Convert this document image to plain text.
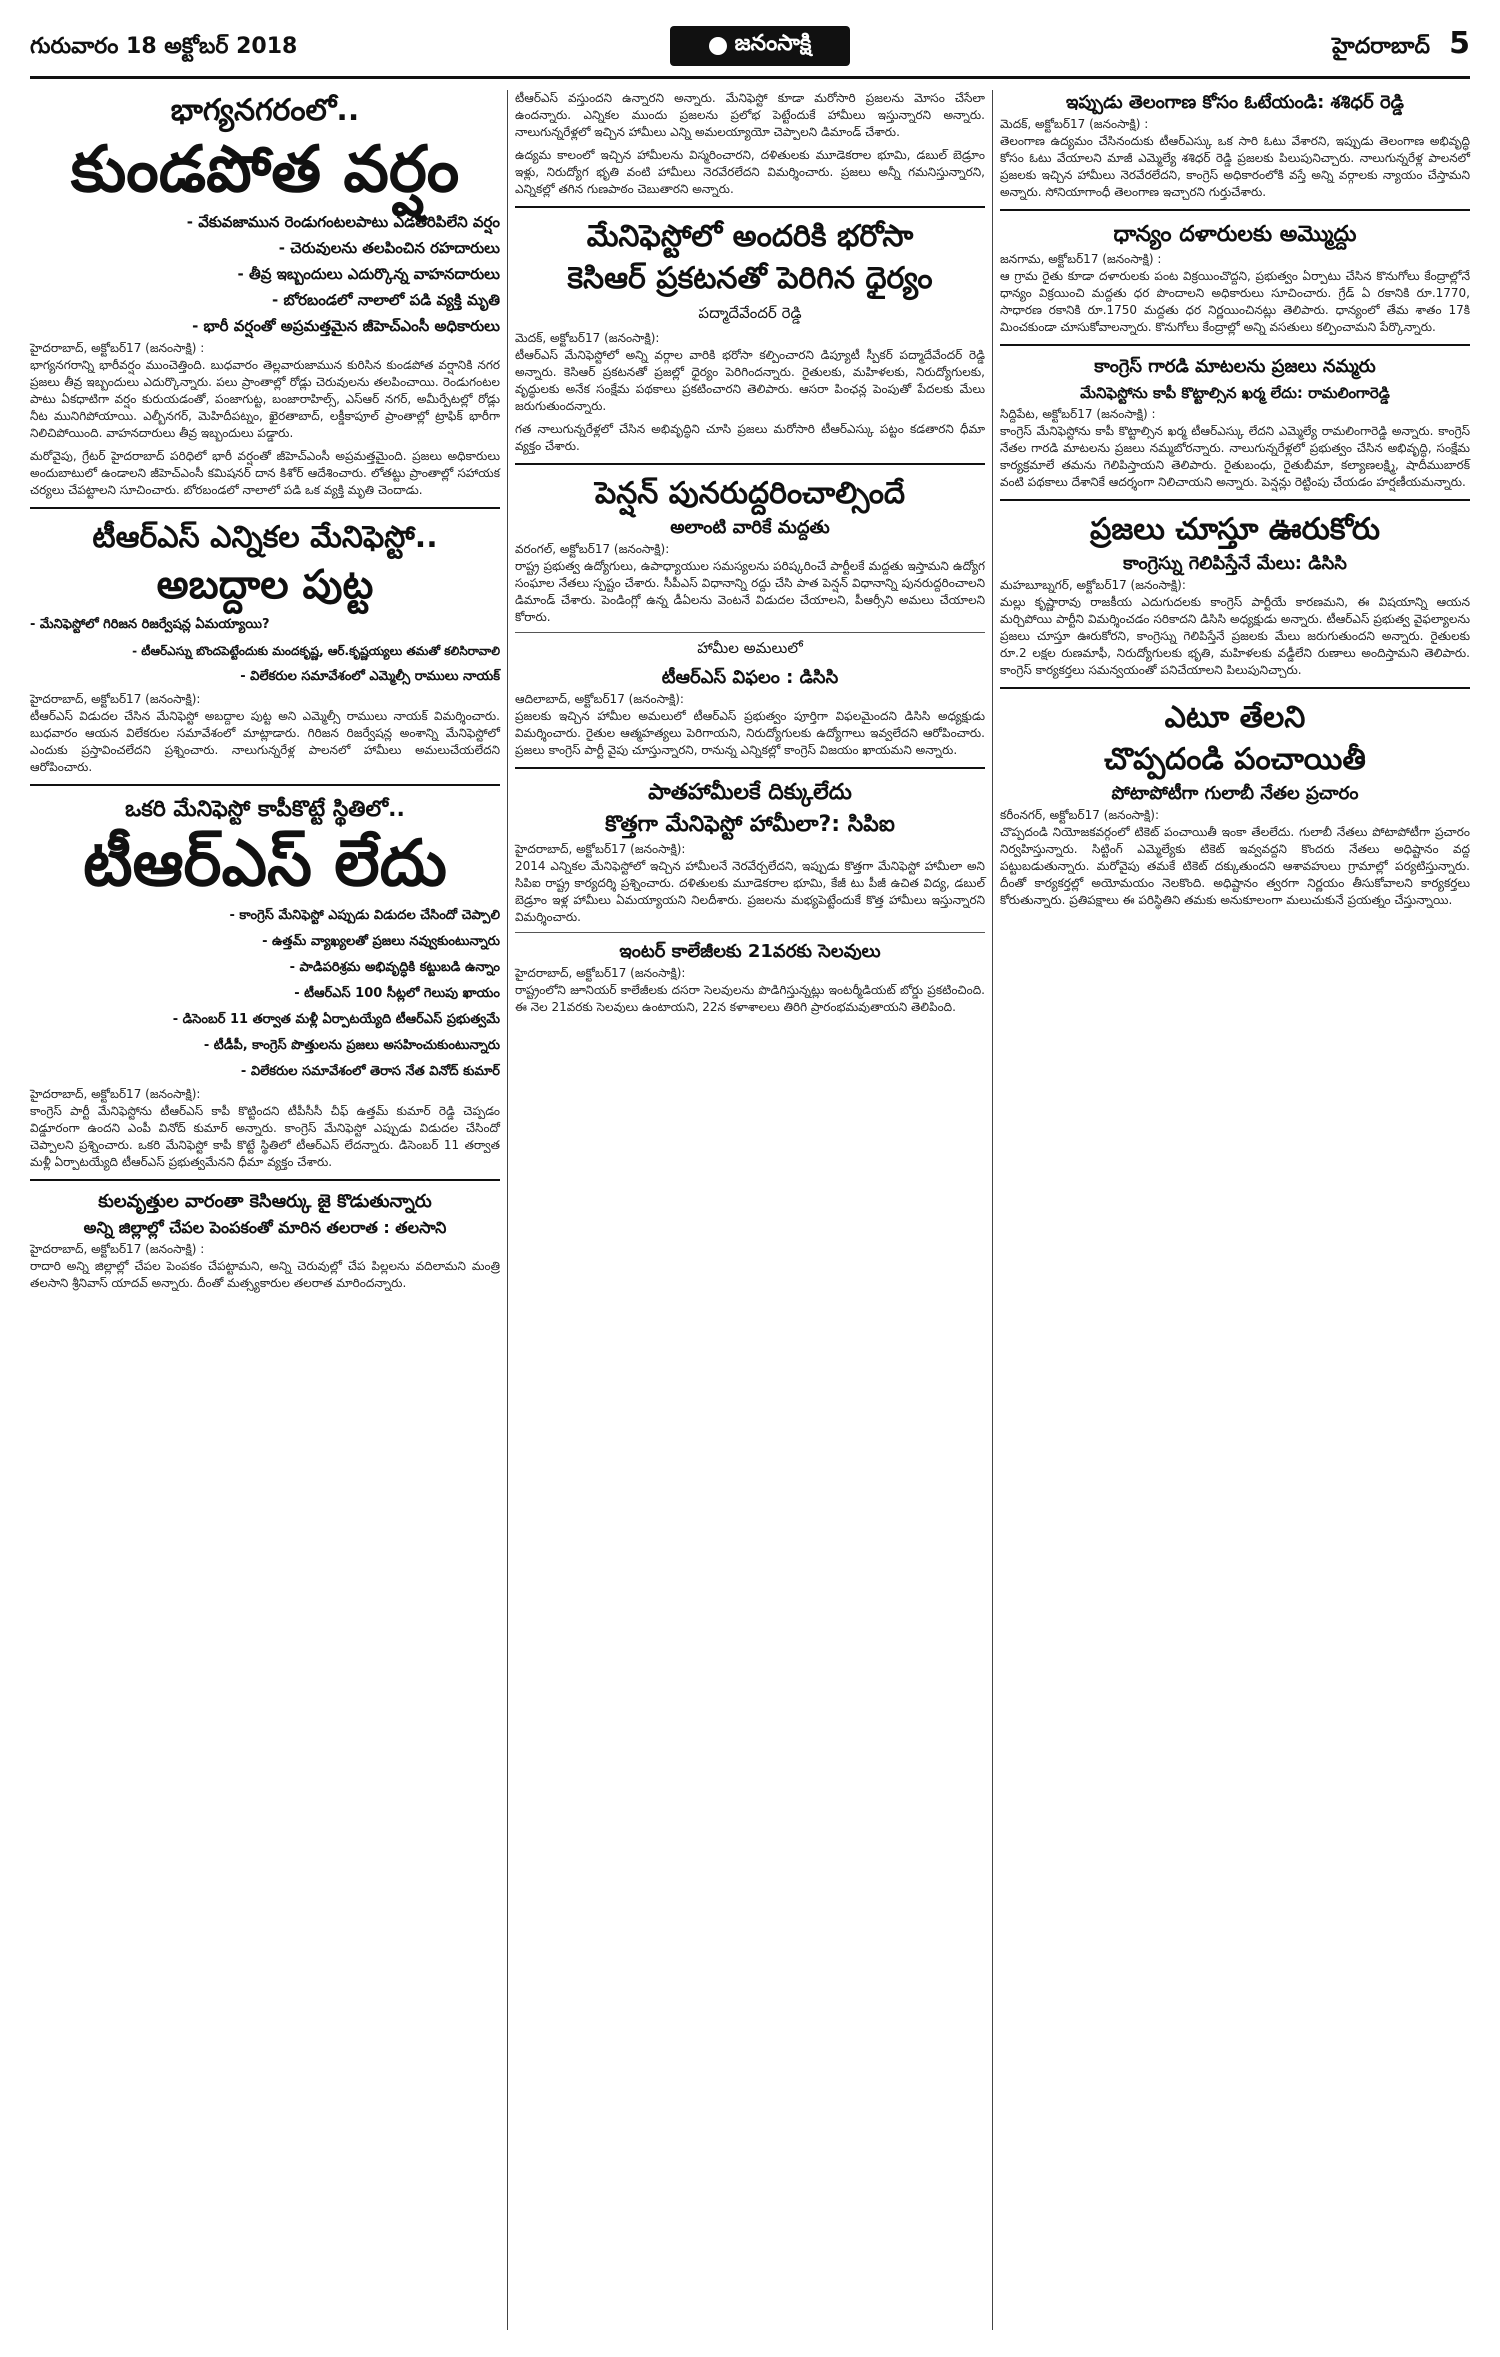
గురువారం 18 అక్టోబర్ 2018	జనంసాక్షి	హైదరాబాద్ 5
భాగ్యనగరంలో..
కుండపోత వర్షం
- వేకువజామున రెండుగంటలపాటు ఎడతెరిపిలేని వర్షం
- చెరువులను తలపించిన రహదారులు
- తీవ్ర ఇబ్బందులు ఎదుర్కొన్న వాహనదారులు
- బోరబండలో నాలాలో పడి వ్యక్తి మృతి
- భారీ వర్షంతో అప్రమత్తమైన జీహెచ్ఎంసీ అధికారులు
హైదరాబాద్, అక్టోబర్17 (జనంసాక్షి) :

భాగ్యనగరాన్ని భారీవర్షం ముంచెత్తింది. బుధవారం తెల్లవారుజామున కురిసిన కుండపోత వర్షానికి నగర ప్రజలు తీవ్ర ఇబ్బందులు ఎదుర్కొన్నారు. పలు ప్రాంతాల్లో రోడ్లు చెరువులను తలపించాయి. రెండుగంటల పాటు ఏకధాటిగా వర్షం కురుయడంతో, పంజాగుట్ట, బంజారాహిల్స్, ఎస్ఆర్ నగర్, అమీర్పేటల్లో రోడ్లు నీట మునిగిపోయాయి. ఎల్బీనగర్, మెహిదీపట్నం, ఖైరతాబాద్, లక్డీకాపూల్ ప్రాంతాల్లో ట్రాఫిక్ భారీగా నిలిచిపోయింది. వాహనదారులు తీవ్ర ఇబ్బందులు పడ్డారు.

మరోవైపు, గ్రేటర్ హైదరాబాద్ పరిధిలో భారీ వర్షంతో జీహెచ్ఎంసీ అప్రమత్తమైంది. ప్రజలు అధికారులు అందుబాటులో ఉండాలని జీహెచ్ఎంసీ కమిషనర్ దాన కిశోర్ ఆదేశించారు. లోతట్టు ప్రాంతాల్లో సహాయక చర్యలు చేపట్టాలని సూచించారు. బోరబండలో నాలాలో పడి ఒక వ్యక్తి మృతి చెందాడు.

టీఆర్ఎస్ ఎన్నికల మేనిఫెస్టో..
అబద్దాల పుట్ట
- మేనిఫెస్టోలో గిరిజన రిజర్వేషన్ల ఏమయ్యాయి?
- టీఆర్ఎస్ను బొందపెట్టేందుకు మందకృష్ణ, ఆర్.కృష్ణయ్యలు తమతో కలిసిరావాలి
- విలేకరుల సమావేశంలో ఎమ్మెల్సీ రాములు నాయక్
హైదరాబాద్, అక్టోబర్17 (జనంసాక్షి):

టీఆర్ఎస్ విడుదల చేసిన మేనిఫెస్టో అబద్దాల పుట్ట అని ఎమ్మెల్సీ రాములు నాయక్ విమర్శించారు. బుధవారం ఆయన విలేకరుల సమావేశంలో మాట్లాడారు. గిరిజన రిజర్వేషన్ల అంశాన్ని మేనిఫెస్టోలో ఎందుకు ప్రస్తావించలేదని ప్రశ్నించారు. నాలుగున్నరేళ్ల పాలనలో హామీలు అమలుచేయలేదని ఆరోపించారు.

ఒకరి మేనిఫెస్టో కాపీకొట్టే స్థితిలో..
టీఆర్ఎస్ లేదు
- కాంగ్రెస్ మేనిఫెస్టో ఎప్పుడు విడుదల చేసిందో చెప్పాలి
- ఉత్తమ్ వ్యాఖ్యలతో ప్రజలు నవ్వుకుంటున్నారు
- పాడిపరిశ్రమ అభివృద్ధికి కట్టుబడి ఉన్నాం
- టీఆర్ఎస్ 100 సీట్లలో గెలుపు ఖాయం
- డిసెంబర్ 11 తర్వాత మళ్లీ ఏర్పాటయ్యేది టీఆర్ఎస్ ప్రభుత్వమే
- టీడీపీ, కాంగ్రెస్ పొత్తులను ప్రజలు అసహించుకుంటున్నారు
- విలేకరుల సమావేశంలో తెరాస నేత వినోద్ కుమార్
హైదరాబాద్, అక్టోబర్17 (జనంసాక్షి):

కాంగ్రెస్ పార్టీ మేనిఫెస్టోను టీఆర్ఎస్ కాపీ కొట్టిందని టీపీసీసీ చీఫ్ ఉత్తమ్ కుమార్ రెడ్డి చెప్పడం విడ్డూరంగా ఉందని ఎంపీ వినోద్ కుమార్ అన్నారు. కాంగ్రెస్ మేనిఫెస్టో ఎప్పుడు విడుదల చేసిందో చెప్పాలని ప్రశ్నించారు. ఒకరి మేనిఫెస్టో కాపీ కొట్టే స్థితిలో టీఆర్ఎస్ లేదన్నారు. డిసెంబర్ 11 తర్వాత మళ్లీ ఏర్పాటయ్యేది టీఆర్ఎస్ ప్రభుత్వమేనని ధీమా వ్యక్తం చేశారు.

కులవృత్తుల వారంతా కెసిఆర్కు జై కొడుతున్నారు
అన్ని జిల్లాల్లో చేపల పెంపకంతో మారిన తలరాత : తలసాని
హైదరాబాద్, అక్టోబర్17 (జనంసాక్షి) :

రాదారి అన్ని జిల్లాల్లో చేపల పెంపకం చేపట్టామని, అన్ని చెరువుల్లో చేప పిల్లలను వదిలామని మంత్రి తలసాని శ్రీనివాస్ యాదవ్ అన్నారు. దీంతో మత్స్యకారుల తలరాత మారిందన్నారు.

టీఆర్ఎస్ వస్తుందని ఉన్నారని అన్నారు. మేనిఫెస్టో కూడా మరోసారి ప్రజలను మోసం చేసేలా ఉందన్నారు. ఎన్నికల ముందు ప్రజలను ప్రలోభ పెట్టేందుకే హామీలు ఇస్తున్నారని అన్నారు. నాలుగున్నరేళ్లలో ఇచ్చిన హామీలు ఎన్ని అమలయ్యాయో చెప్పాలని డిమాండ్ చేశారు.

ఉద్యమ కాలంలో ఇచ్చిన హామీలను విస్మరించారని, దళితులకు మూడెకరాల భూమి, డబుల్ బెడ్రూం ఇళ్లు, నిరుద్యోగ భృతి వంటి హామీలు నెరవేరలేదని విమర్శించారు. ప్రజలు అన్నీ గమనిస్తున్నారని, ఎన్నికల్లో తగిన గుణపాఠం చెబుతారని అన్నారు.

మేనిఫెస్టోలో అందరికి భరోసా
కెసిఆర్ ప్రకటనతో పెరిగిన ధైర్యం
పద్మాదేవేందర్ రెడ్డి
మెదక్, అక్టోబర్17 (జనంసాక్షి):

టీఆర్ఎస్ మేనిఫెస్టోలో అన్ని వర్గాల వారికి భరోసా కల్పించారని డిప్యూటీ స్పీకర్ పద్మాదేవేందర్ రెడ్డి అన్నారు. కెసిఆర్ ప్రకటనతో ప్రజల్లో ధైర్యం పెరిగిందన్నారు. రైతులకు, మహిళలకు, నిరుద్యోగులకు, వృద్ధులకు అనేక సంక్షేమ పథకాలు ప్రకటించారని తెలిపారు. ఆసరా పింఛన్ల పెంపుతో పేదలకు మేలు జరుగుతుందన్నారు.

గత నాలుగున్నరేళ్లలో చేసిన అభివృద్ధిని చూసి ప్రజలు మరోసారి టీఆర్ఎస్కు పట్టం కడతారని ధీమా వ్యక్తం చేశారు.

పెన్షన్ పునరుద్దరించాల్సిందే
అలాంటి వారికే మద్దతు
వరంగల్, అక్టోబర్17 (జనంసాక్షి):

రాష్ట్ర ప్రభుత్వ ఉద్యోగులు, ఉపాధ్యాయుల సమస్యలను పరిష్కరించే పార్టీలకే మద్దతు ఇస్తామని ఉద్యోగ సంఘాల నేతలు స్పష్టం చేశారు. సీపీఎస్ విధానాన్ని రద్దు చేసి పాత పెన్షన్ విధానాన్ని పునరుద్దరించాలని డిమాండ్ చేశారు. పెండింగ్లో ఉన్న డీఏలను వెంటనే విడుదల చేయాలని, పీఆర్సీని అమలు చేయాలని కోరారు.

హామీల అమలులో
టీఆర్ఎస్ విఫలం : డిసిసి
ఆదిలాబాద్, అక్టోబర్17 (జనంసాక్షి):

ప్రజలకు ఇచ్చిన హామీల అమలులో టీఆర్ఎస్ ప్రభుత్వం పూర్తిగా విఫలమైందని డిసిసి అధ్యక్షుడు విమర్శించారు. రైతుల ఆత్మహత్యలు పెరిగాయని, నిరుద్యోగులకు ఉద్యోగాలు ఇవ్వలేదని ఆరోపించారు. ప్రజలు కాంగ్రెస్ పార్టీ వైపు చూస్తున్నారని, రానున్న ఎన్నికల్లో కాంగ్రెస్ విజయం ఖాయమని అన్నారు.

పాతహామీలకే దిక్కులేదు
కొత్తగా మేనిఫెస్టో హామీలా?: సిపిఐ
హైదరాబాద్, అక్టోబర్17 (జనంసాక్షి):

2014 ఎన్నికల మేనిఫెస్టోలో ఇచ్చిన హామీలనే నెరవేర్చలేదని, ఇప్పుడు కొత్తగా మేనిఫెస్టో హామీలా అని సిపిఐ రాష్ట్ర కార్యదర్శి ప్రశ్నించారు. దళితులకు మూడెకరాల భూమి, కేజీ టు పీజీ ఉచిత విద్య, డబుల్ బెడ్రూం ఇళ్ల హామీలు ఏమయ్యాయని నిలదీశారు. ప్రజలను మభ్యపెట్టేందుకే కొత్త హామీలు ఇస్తున్నారని విమర్శించారు.

ఇంటర్ కాలేజీలకు 21వరకు సెలవులు
హైదరాబాద్, అక్టోబర్17 (జనంసాక్షి):

రాష్ట్రంలోని జూనియర్ కాలేజీలకు దసరా సెలవులను పొడిగిస్తున్నట్లు ఇంటర్మీడియట్ బోర్డు ప్రకటించింది. ఈ నెల 21వరకు సెలవులు ఉంటాయని, 22న కళాశాలలు తిరిగి ప్రారంభమవుతాయని తెలిపింది.

ఇప్పుడు తెలంగాణ కోసం ఓటేయండి: శశిధర్ రెడ్డి
మెదక్, అక్టోబర్17 (జనంసాక్షి) :

తెలంగాణ ఉద్యమం చేసినందుకు టీఆర్ఎస్కు ఒక సారి ఓటు వేశారని, ఇప్పుడు తెలంగాణ అభివృద్ధి కోసం ఓటు వేయాలని మాజీ ఎమ్మెల్యే శశిధర్ రెడ్డి ప్రజలకు పిలుపునిచ్చారు. నాలుగున్నరేళ్ల పాలనలో ప్రజలకు ఇచ్చిన హామీలు నెరవేరలేదని, కాంగ్రెస్ అధికారంలోకి వస్తే అన్ని వర్గాలకు న్యాయం చేస్తామని అన్నారు. సోనియాగాంధీ తెలంగాణ ఇచ్చారని గుర్తుచేశారు.

ధాన్యం దళారులకు అమ్మొద్దు
జనగామ, అక్టోబర్17 (జనంసాక్షి) :

ఆ గ్రామ రైతు కూడా దళారులకు పంట విక్రయించొద్దని, ప్రభుత్వం ఏర్పాటు చేసిన కొనుగోలు కేంద్రాల్లోనే ధాన్యం విక్రయించి మద్దతు ధర పొందాలని అధికారులు సూచించారు. గ్రేడ్ ఏ రకానికి రూ.1770, సాధారణ రకానికి రూ.1750 మద్దతు ధర నిర్ణయించినట్లు తెలిపారు. ధాన్యంలో తేమ శాతం 17కి మించకుండా చూసుకోవాలన్నారు. కొనుగోలు కేంద్రాల్లో అన్ని వసతులు కల్పించామని పేర్కొన్నారు.

కాంగ్రెస్ గారడి మాటలను ప్రజలు నమ్మరు
మేనిఫెస్టోను కాపీ కొట్టాల్సిన ఖర్మ లేదు: రామలింగారెడ్డి
సిద్దిపేట, అక్టోబర్17 (జనంసాక్షి) :

కాంగ్రెస్ మేనిఫెస్టోను కాపీ కొట్టాల్సిన ఖర్మ టీఆర్ఎస్కు లేదని ఎమ్మెల్యే రామలింగారెడ్డి అన్నారు. కాంగ్రెస్ నేతల గారడి మాటలను ప్రజలు నమ్మబోరన్నారు. నాలుగున్నరేళ్లలో ప్రభుత్వం చేసిన అభివృద్ధి, సంక్షేమ కార్యక్రమాలే తమను గెలిపిస్తాయని తెలిపారు. రైతుబంధు, రైతుబీమా, కల్యాణలక్ష్మి, షాదీముబారక్ వంటి పథకాలు దేశానికే ఆదర్శంగా నిలిచాయని అన్నారు. పెన్షన్లు రెట్టింపు చేయడం హర్షణీయమన్నారు.

ప్రజలు చూస్తూ ఊరుకోరు
కాంగ్రెస్ను గెలిపిస్తేనే మేలు: డిసిసి
మహబూబ్నగర్, అక్టోబర్17 (జనంసాక్షి):

మల్లు కృష్ణారావు రాజకీయ ఎదుగుదలకు కాంగ్రెస్ పార్టీయే కారణమని, ఈ విషయాన్ని ఆయన మర్చిపోయి పార్టీని విమర్శించడం సరికాదని డిసిసి అధ్యక్షుడు అన్నారు. టీఆర్ఎస్ ప్రభుత్వ వైఫల్యాలను ప్రజలు చూస్తూ ఊరుకోరని, కాంగ్రెస్ను గెలిపిస్తేనే ప్రజలకు మేలు జరుగుతుందని అన్నారు. రైతులకు రూ.2 లక్షల రుణమాఫీ, నిరుద్యోగులకు భృతి, మహిళలకు వడ్డీలేని రుణాలు అందిస్తామని తెలిపారు. కాంగ్రెస్ కార్యకర్తలు సమన్వయంతో పనిచేయాలని పిలుపునిచ్చారు.

ఎటూ తేలని
చొప్పదండి పంచాయితీ
పోటాపోటీగా గులాబీ నేతల ప్రచారం
కరీంనగర్, అక్టోబర్17 (జనంసాక్షి):

చొప్పదండి నియోజకవర్గంలో టికెట్ పంచాయితీ ఇంకా తేలలేదు. గులాబీ నేతలు పోటాపోటీగా ప్రచారం నిర్వహిస్తున్నారు. సిట్టింగ్ ఎమ్మెల్యేకు టికెట్ ఇవ్వవద్దని కొందరు నేతలు అధిష్టానం వద్ద పట్టుబడుతున్నారు. మరోవైపు తమకే టికెట్ దక్కుతుందని ఆశావహులు గ్రామాల్లో పర్యటిస్తున్నారు. దీంతో కార్యకర్తల్లో అయోమయం నెలకొంది. అధిష్టానం త్వరగా నిర్ణయం తీసుకోవాలని కార్యకర్తలు కోరుతున్నారు. ప్రతిపక్షాలు ఈ పరిస్థితిని తమకు అనుకూలంగా మలుచుకునే ప్రయత్నం చేస్తున్నాయి.
